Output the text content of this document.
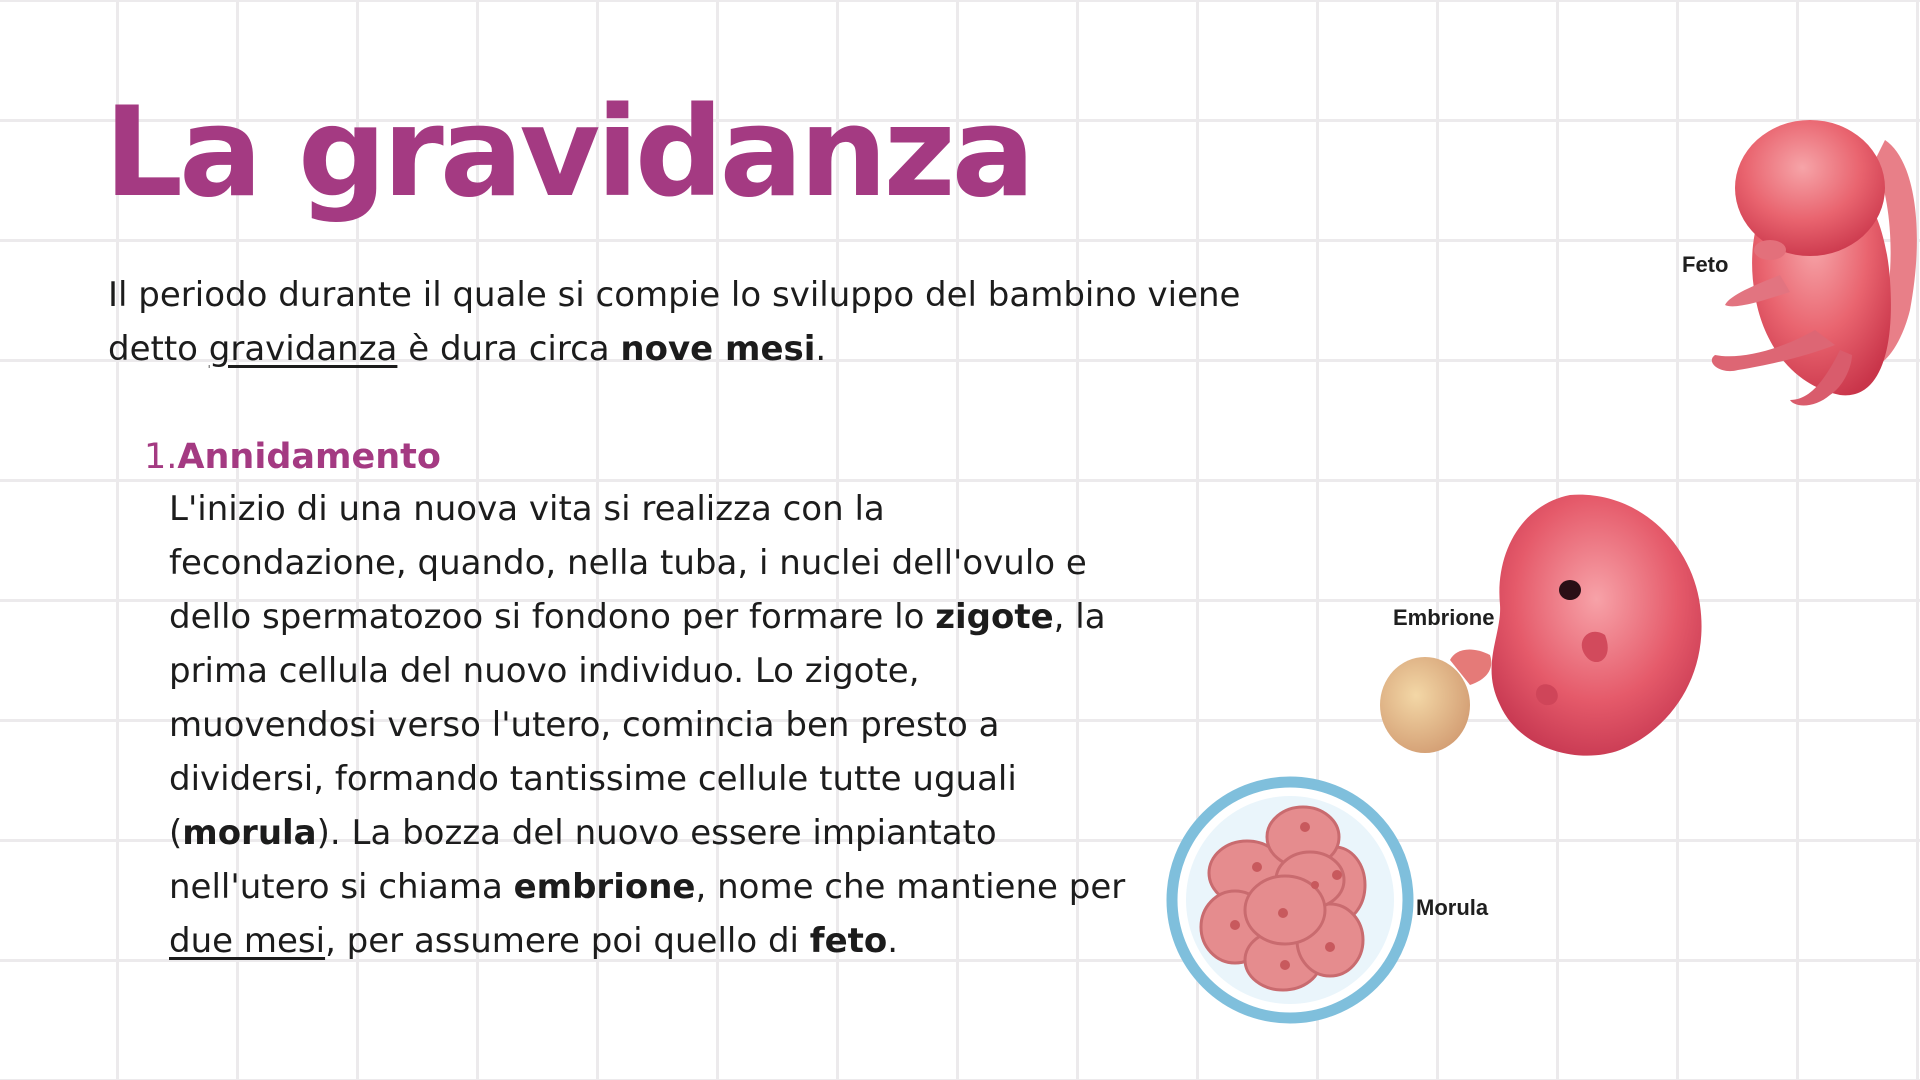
La gravidanza

Il periodo durante il quale si compie lo sviluppo del bambino viene detto gravidanza è dura circa nove mesi.

1.Annidamento

L'inizio di una nuova vita si realizza con la fecondazione, quando, nella tuba, i nuclei dell'ovulo e dello spermatozoo si fondono per formare lo zigote, la prima cellula del nuovo individuo. Lo zigote, muovendosi verso l'utero, comincia ben presto a dividersi, formando tantissime cellule tutte uguali (morula). La bozza del nuovo essere impiantato nell'utero si chiama embrione, nome che mantiene per due mesi, per assumere poi quello di feto.

Feto
Embrione
Morula
